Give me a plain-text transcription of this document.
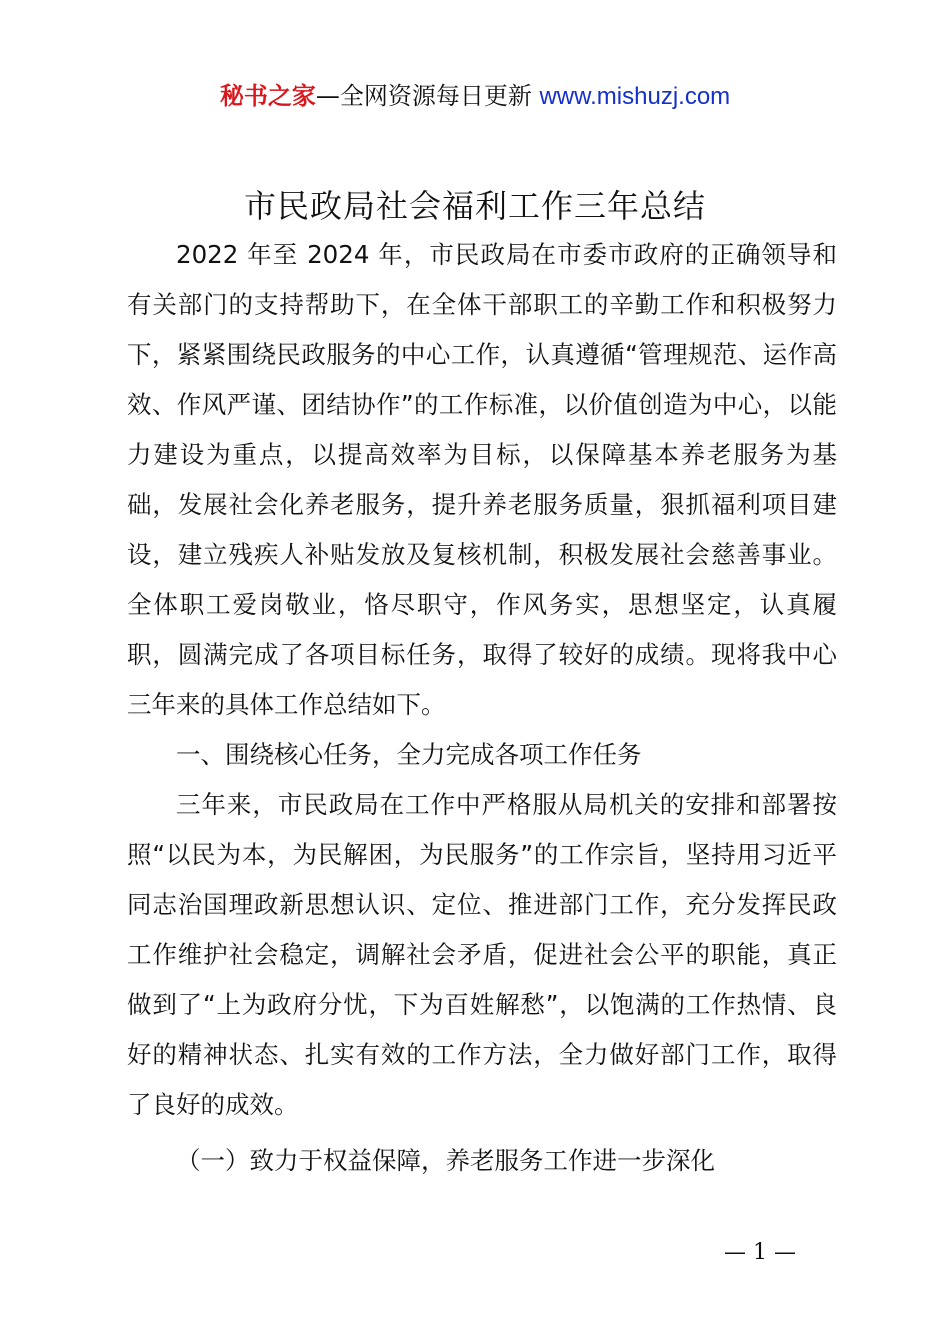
秘书之家—全网资源每日更新 www.mishuzj.com
市民政局社会福利工作三年总结

2022 年至 2024 年，市民政局在市委市政府的正确领导和有关部门的支持帮助下，在全体干部职工的辛勤工作和积极努力下，紧紧围绕民政服务的中心工作，认真遵循“管理规范、运作高效、作风严谨、团结协作”的工作标准，以价值创造为中心，以能力建设为重点，以提高效率为目标，以保障基本养老服务为基础，发展社会化养老服务，提升养老服务质量，狠抓福利项目建设，建立残疾人补贴发放及复核机制，积极发展社会慈善事业。全体职工爱岗敬业，恪尽职守，作风务实，思想坚定，认真履职，圆满完成了各项目标任务，取得了较好的成绩。现将我中心三年来的具体工作总结如下。

一、围绕核心任务，全力完成各项工作任务

三年来，市民政局在工作中严格服从局机关的安排和部署按照“以民为本，为民解困，为民服务”的工作宗旨，坚持用习近平同志治国理政新思想认识、定位、推进部门工作，充分发挥民政工作维护社会稳定，调解社会矛盾，促进社会公平的职能，真正做到了“上为政府分忧，下为百姓解愁”，以饱满的工作热情、良好的精神状态、扎实有效的工作方法，全力做好部门工作，取得了良好的成效。

（一）致力于权益保障，养老服务工作进一步深化

— 1 —
